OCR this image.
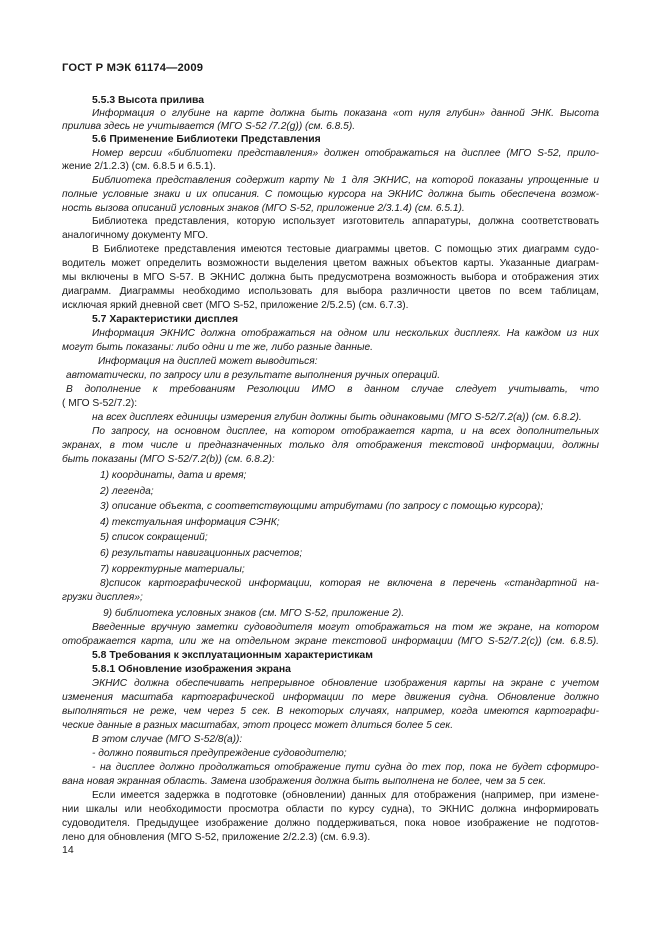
ГОСТ Р МЭК 61174—2009
5.5.3 Высота прилива
Информация о глубине на карте должна быть показана «от нуля глубин» данной ЭНК. Высота
прилива здесь не учитывается (МГО S-52 /7.2(g)) (см. 6.8.5).
5.6 Применение Библиотеки Представления
Номер версии «библиотеки представления» должен отображаться на дисплее (МГО S-52, прило-
жение 2/1.2.3) (см. 6.8.5 и 6.5.1).
Библиотека представления содержит карту № 1 для ЭКНИС, на которой показаны упрощенные и
полные условные знаки и их описания. С помощью курсора на ЭКНИС должна быть обеспечена возмож-
ность вызова описаний условных знаков (МГО S-52, приложение 2/3.1.4) (см. 6.5.1).
Библиотека представления, которую использует изготовитель аппаратуры, должна соответствовать
аналогичному документу МГО.
В Библиотеке представления имеются тестовые диаграммы цветов. С помощью этих диаграмм судо-
водитель может определить возможности выделения цветом важных объектов карты. Указанные диаграм-
мы включены в МГО S-57. В ЭКНИС должна быть предусмотрена возможность выбора и отображения этих
диаграмм. Диаграммы необходимо использовать для выбора различности цветов по всем таблицам,
исключая яркий дневной свет (МГО S-52, приложение 2/5.2.5) (см. 6.7.3).
5.7 Характеристики дисплея
Информация ЭКНИС должна отображаться на одном или нескольких дисплеях. На каждом из них
могут быть показаны: либо одни и те же, либо разные данные.
Информация на дисплей может выводиться:
автоматически, по запросу или в результате выполнения ручных операций.
В дополнение к требованиям Резолюции ИМО в данном случае следует учитывать, что
( МГО S-52/7.2):
на всех дисплеях единицы измерения глубин должны быть одинаковыми (МГО S-52/7.2(а)) (см. 6.8.2).
По запросу, на основном дисплее, на котором отображается карта, и на всех дополнительных
экранах, в том числе и предназначенных только для отображения текстовой информации, должны
быть показаны (МГО S-52/7.2(b)) (см. 6.8.2):
1) координаты, дата и время;
2) легенда;
3) описание объекта, с соответствующими атрибутами (по запросу с помощью курсора);
4) текстуальная информация СЭНК;
5) список сокращений;
6) результаты навигационных расчетов;
7) корректурные материалы;
8)список картографической информации, которая не включена в перечень «стандартной на-
грузки дисплея»;
9) библиотека условных знаков (см. МГО S-52, приложение 2).
Введенные вручную заметки судоводителя могут отображаться на том же экране, на котором
отображается карта, или же на отдельном экране текстовой информации (МГО S-52/7.2(с)) (см. 6.8.5).
5.8 Требования к эксплуатационным характеристикам
5.8.1 Обновление изображения экрана
ЭКНИС должна обеспечивать непрерывное обновление изображения карты на экране с учетом
изменения масштаба картографической информации по мере движения судна. Обновление должно
выполняться не реже, чем через 5 сек. В некоторых случаях, например, когда имеются картографи-
ческие данные в разных масштабах, этот процесс может длиться более 5 сек.
В этом случае (МГО S-52/8(а)):
- должно появиться предупреждение судоводителю;
- на дисплее должно продолжаться отображение пути судна до тех пор, пока не будет сформиро-
вана новая экранная область. Замена изображения должна быть выполнена не более, чем за 5 сек.
Если имеется задержка в подготовке (обновлении) данных для отображения (например, при измене-
нии шкалы или необходимости просмотра области по курсу судна), то ЭКНИС должна информировать
судоводителя. Предыдущее изображение должно поддерживаться, пока новое изображение не подготов-
лено для обновления (МГО S-52, приложение 2/2.2.3) (см. 6.9.3).
14
